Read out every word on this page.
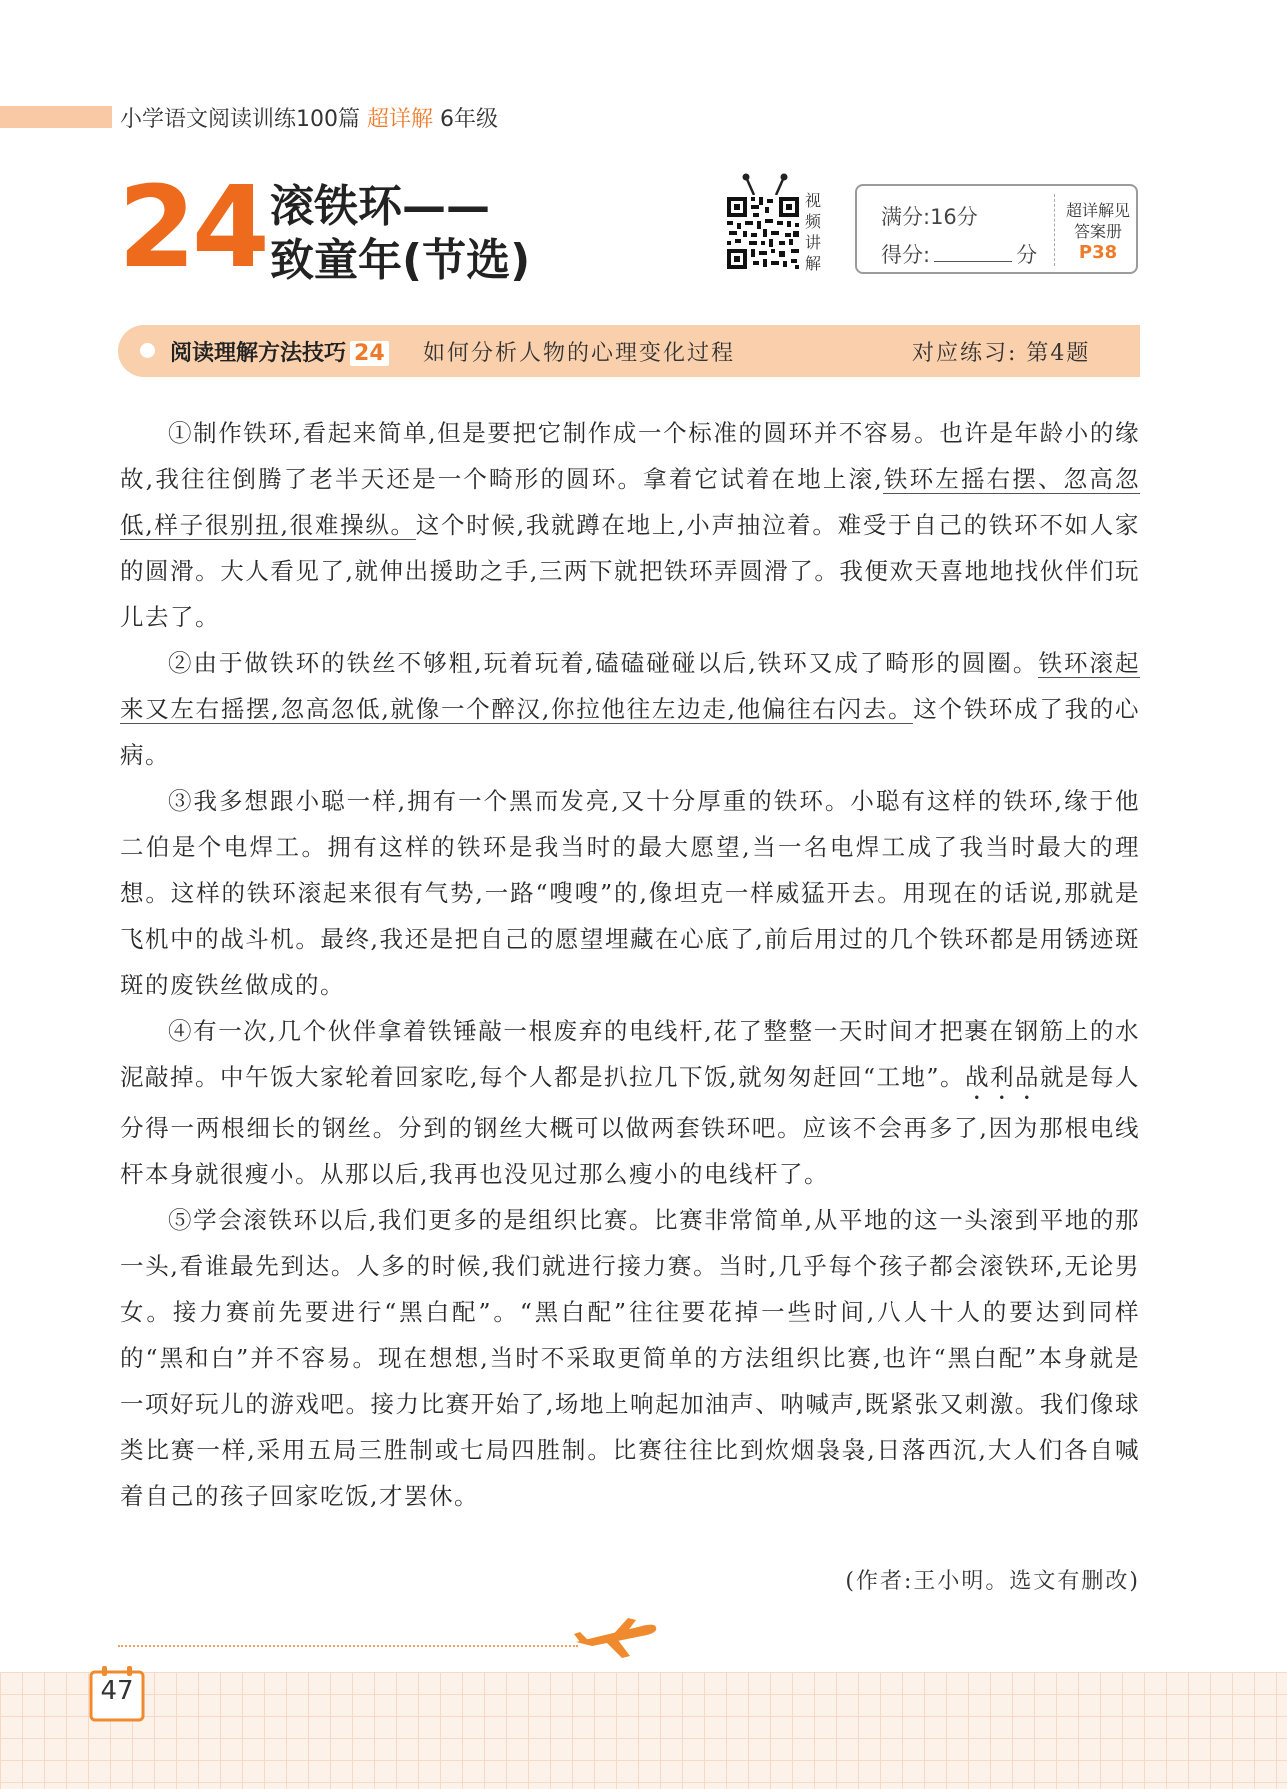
小学语文阅读训练100篇 超详解 6年级
24 滚铁环——
致童年(节选)
视
频
讲
解
满分:16分
得分:	分
超详解见
答案册
P38
阅读理解方法技巧 24 如何分析人物的心理变化过程	对应练习: 第4题

①制作铁环,看起来简单,但是要把它制作成一个标准的圆环并不容易。也许是年龄小的缘故,我往往倒腾了老半天还是一个畸形的圆环。拿着它试着在地上滚,铁环左摇右摆、忽高忽低,样子很别扭,很难操纵。这个时候,我就蹲在地上,小声抽泣着。难受于自己的铁环不如人家的圆滑。大人看见了,就伸出援助之手,三两下就把铁环弄圆滑了。我便欢天喜地地找伙伴们玩儿去了。

②由于做铁环的铁丝不够粗,玩着玩着,磕磕碰碰以后,铁环又成了畸形的圆圈。铁环滚起来又左右摇摆,忽高忽低,就像一个醉汉,你拉他往左边走,他偏往右闪去。这个铁环成了我的心病。

③我多想跟小聪一样,拥有一个黑而发亮,又十分厚重的铁环。小聪有这样的铁环,缘于他二伯是个电焊工。拥有这样的铁环是我当时的最大愿望,当一名电焊工成了我当时最大的理想。这样的铁环滚起来很有气势,一路“嗖嗖”的,像坦克一样威猛开去。用现在的话说,那就是飞机中的战斗机。最终,我还是把自己的愿望埋藏在心底了,前后用过的几个铁环都是用锈迹斑斑的废铁丝做成的。

④有一次,几个伙伴拿着铁锤敲一根废弃的电线杆,花了整整一天时间才把裹在钢筋上的水泥敲掉。中午饭大家轮着回家吃,每个人都是扒拉几下饭,就匆匆赶回“工地”。战利品就是每人分得一两根细长的钢丝。分到的钢丝大概可以做两套铁环吧。应该不会再多了,因为那根电线杆本身就很瘦小。从那以后,我再也没见过那么瘦小的电线杆了。

⑤学会滚铁环以后,我们更多的是组织比赛。比赛非常简单,从平地的这一头滚到平地的那一头,看谁最先到达。人多的时候,我们就进行接力赛。当时,几乎每个孩子都会滚铁环,无论男女。接力赛前先要进行“黑白配”。“黑白配”往往要花掉一些时间,八人十人的要达到同样的“黑和白”并不容易。现在想想,当时不采取更简单的方法组织比赛,也许“黑白配”本身就是一项好玩儿的游戏吧。接力比赛开始了,场地上响起加油声、呐喊声,既紧张又刺激。我们像球类比赛一样,采用五局三胜制或七局四胜制。比赛往往比到炊烟袅袅,日落西沉,大人们各自喊着自己的孩子回家吃饭,才罢休。

(作者:王小明。选文有删改)
47
